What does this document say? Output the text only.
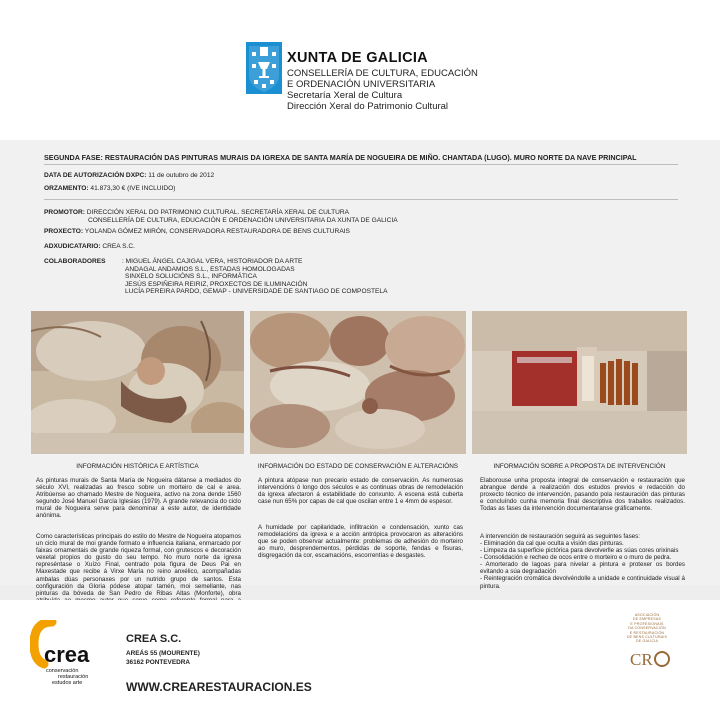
XUNTA DE GALICIA
CONSELLERÍA DE CULTURA, EDUCACIÓN
E ORDENACIÓN UNIVERSITARIA
Secretaría Xeral de Cultura
Dirección Xeral do Patrimonio Cultural
SEGUNDA FASE: RESTAURACIÓN DAS PINTURAS MURAIS DA IGREXA DE SANTA MARÍA DE NOGUEIRA DE MIÑO. CHANTADA (LUGO). MURO NORTE DA NAVE PRINCIPAL
DATA DE AUTORIZACIÓN DXPC: 11 de outubro de 2012
ORZAMENTO: 41.873,30 € (IVE INCLUIDO)
PROMOTOR: DIRECCIÓN XERAL DO PATRIMONIO CULTURAL. SECRETARÍA XERAL DE CULTURA
CONSELLERÍA DE CULTURA, EDUCACIÓN E ORDENACIÓN UNIVERSITARIA DA XUNTA DE GALICIA
PROXECTO: YOLANDA GÓMEZ MIRÓN, CONSERVADORA RESTAURADORA DE BENS CULTURAIS
ADXUDICATARIO: CREA S.C.
COLABORADORES : MIGUEL ÁNGEL CAJIGAL VERA, HISTORIADOR DA ARTE
ANDAGAL ANDAMIOS S.L., ESTADAS HOMOLOGADAS
SINXELO SOLUCIÓNS S.L., INFORMÁTICA
JESÚS ESPIÑEIRA REIRIZ, PROXECTOS DE ILUMINACIÓN
LUCÍA PEREIRA PARDO, GEMAP - UNIVERSIDADE DE SANTIAGO DE COMPOSTELA
INFORMACIÓN HISTÓRICA E ARTÍSTICA
As pinturas murais de Santa María de Nogueira dátanse a mediados do século XVI, realizadas ao fresco sobre un morteiro de cal e area. Atribúense ao chamado Mestre de Nogueira, activo na zona dende 1560 segundo José Manuel García Iglesias (1979). A grande relevancia do ciclo mural de Nogueira serve para denominar a este autor, de identidade anónima.
Como características principais do estilo do Mestre de Nogueira atopamos un ciclo mural de moi grande formato e influencia italiana, enmarcado por faixas ornamentais de grande riqueza formal, con grutescos e decoración vexetal propios do gusto do seu tempo. No muro norte da igrexa represéntase o Xuízo Final, centrado pola figura de Deus Pai en Maxestade que recibe á Virxe María no reino anxélico, acompañadas ambalas dúas personaxes por un nutrido grupo de santos. Esta configuración da Gloria pódese atopar tamén, moi semellante, nas pinturas da bóveda de San Pedro de Ribas Altas (Monforte), obra
INFORMACIÓN DO ESTADO DE CONSERVACIÓN E ALTERACIÓNS
A pintura atópase nun precario estado de conservación. As numerosas intervencións ó longo dos séculos e as continuas obras de remodelación da igrexa afectaron á estabilidade do conxunto. A escena está cuberta case nun 65% por capas de cal que oscilan entre 1 e 4mm de espesor.
A humidade por capilaridade, infiltración e condensación, xunto cas remodelacións da igrexa e a acción antrópica provocaron as alteracións que se poden observar actualmente: problemas de adhesión do morteiro ao muro, desprendementos, pérdidas de soporte, fendas e fisuras, disgregación da cor, escamacións, escorrentías e desgastes.
INFORMACIÓN SOBRE A PROPOSTA DE INTERVENCIÓN
Elaborouse unha proposta integral de conservación e restauración que abrangue dende a realización dos estudos previos e redacción do proxecto técnico de intervención, pasando pola restauración das pinturas e concluíndo cunha memoria final descriptiva dos traballos realizados. Todas as fases da intervención documentaranse gráficamente.
A intervención de restauración seguirá as seguintes fases:
- Eliminación da cal que oculta a visión das pinturas.
- Limpeza da superficie pictórica para devolverlle as súas cores orixinais
- Consolidación e recheo de ocos entre o morteiro e o muro de pedra.
- Amorterado de lagoas para nivelar a pintura e protexer os bordes evitando a súa degradación
- Reintegración cromática devolvéndolle a unidade e continuidade visual á pintura.
crea
conservación
restauración
estudos arte
CREA S.C.
AREÁS 55 (MOURENTE)
36162 PONTEVEDRA
WWW.CREARESTAURACION.ES
ASOCIACIÓN
DE EMPRESAS
E PROFESIONAIS
DA CONSERVACIÓN
E RESTAURACIÓN
DE BENS CULTURAIS
DE GALICIA
CR
